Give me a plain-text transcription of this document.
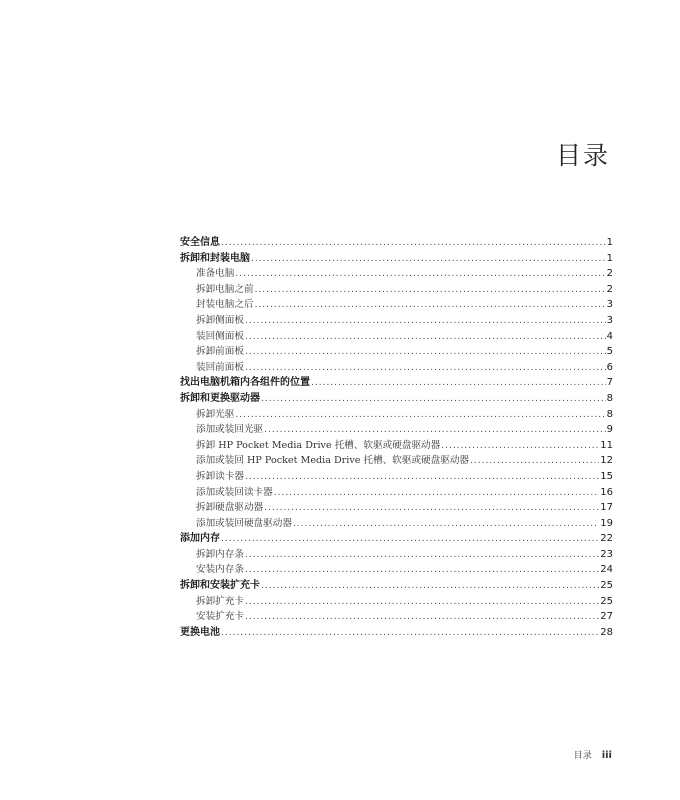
目录
安全信息 .....	1
拆卸和封装电脑 .....	1
准备电脑 .....	2
拆卸电脑之前 .....	2
封装电脑之后 .....	3
拆卸侧面板 .....	3
装回侧面板 .....	4
拆卸前面板 .....	5
装回前面板 .....	6
找出电脑机箱内各组件的位置 .....	7
拆卸和更换驱动器 .....	8
拆卸光驱 .....	8
添加或装回光驱 .....	9
拆卸 HP Pocket Media Drive 托槽、软驱或硬盘驱动器 .....	11
添加或装回 HP Pocket Media Drive 托槽、软驱或硬盘驱动器 .....	12
拆卸读卡器 .....	15
添加或装回读卡器 .....	16
拆卸硬盘驱动器 .....	17
添加或装回硬盘驱动器 .....	19
添加内存 .....	22
拆卸内存条 .....	23
安装内存条 .....	24
拆卸和安装扩充卡 .....	25
拆卸扩充卡 .....	25
安装扩充卡 .....	27
更换电池 .....	28
目录 iii
